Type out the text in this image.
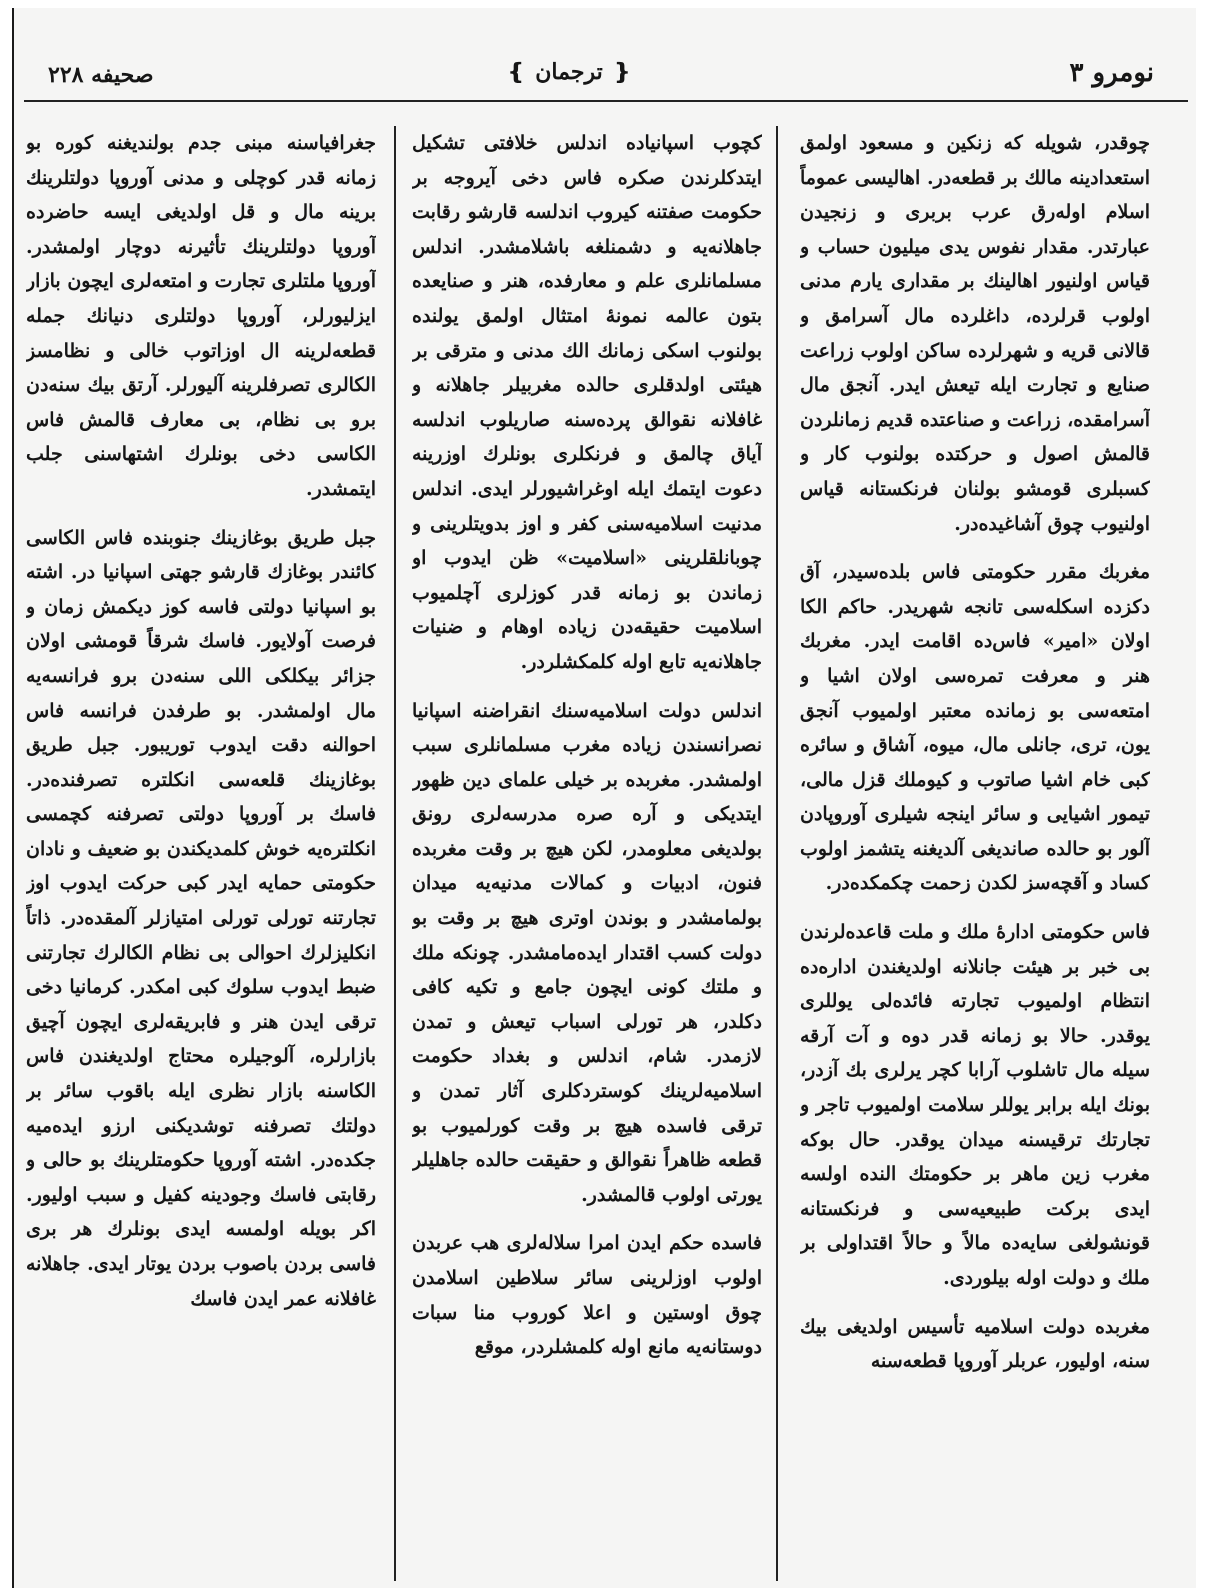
صحیفه ۲۲۸	❴ ترجمان ❵	نومرو ۳

چوقدر، شویله که زنکین و مسعود اولمق استعدادینه مالك بر قطعه‌در. اهالیسی عموماً اسلام اوله‌رق عرب بربری و زنجیدن عبارتدر. مقدار نفوس یدی میلیون حساب و قیاس اولنیور اهالینك بر مقداری یارم مدنی اولوب قرلرده، داغلرده مال آسرامق و قالانی قریه و شهرلرده ساکن اولوب زراعت صنایع و تجارت ایله تیعش ایدر. آنجق مال آسرامقده، زراعت و صناعتده قدیم زمانلردن قالمش اصول و حرکتده بولنوب کار و کسبلری قومشو بولنان فرنکستانه قیاس اولنیوب چوق آشاغیده‌در.

مغربك مقرر حکومتی فاس بلده‌سیدر، آق دکزده اسکله‌سی تانجه شهریدر. حاکم الکا اولان «امیر» فاس‌ده اقامت ایدر. مغربك هنر و معرفت تمره‌سی اولان اشیا و امتعه‌سی بو زمانده معتبر اولمیوب آنجق یون، تری، جانلی مال، میوه، آشاق و سائره کبی خام اشیا صاتوب و کیوملك قزل مالی، تیمور اشیایی و سائر اینجه شیلری آوروپادن آلور بو حالده صاندیغی آلدیغنه یتشمز اولوب کساد و آقچه‌سز لکدن زحمت چکمکده‌در.

فاس حکومتی ادارهٔ ملك و ملت قاعده‌لرندن بی خبر بر هیئت جانلانه اولدیغندن اداره‌ده انتظام اولمیوب تجارته فائده‌لی یوللری یوقدر. حالا بو زمانه قدر دوه و آت آرقه سیله مال تاشلوب آرابا کچر یرلری بك آزدر، بونك ایله برابر یوللر سلامت اولمیوب تاجر و تجارتك ترقیسنه میدان یوقدر. حال بوکه مغرب زین ماهر بر حکومتك النده اولسه ایدی برکت طبیعیه‌سی و فرنکستانه قونشولغی سایه‌ده مالاً و حالاً اقتداولی بر ملك و دولت اوله بیلوردی.

مغربده دولت اسلامیه تأسیس اولدیغی بیك سنه، اولیور، عربلر آوروپا قطعه‌سنه

کچوب اسپانیاده اندلس خلافتی تشکیل ایتدکلرندن صکره فاس دخی آیروجه بر حکومت صفتنه کیروب اندلسه قارشو رقابت جاهلانه‌یه و دشمنلغه باشلامشدر. اندلس مسلمانلری علم و معارفده، هنر و صنایعده بتون عالمه نمونهٔ امتثال اولمق یولنده بولنوب اسکی زمانك الك مدنی و مترقی بر هیئتی اولدقلری حالده مغربیلر جاهلانه و غافلانه نقوالق پرده‌سنه صاریلوب اندلسه آیاق چالمق و فرنکلری بونلرك اوزرینه دعوت ایتمك ایله اوغراشیورلر ایدی. اندلس مدنیت اسلامیه‌سنی کفر و اوز بدویتلرینی و چوبانلقلرینی «اسلامیت» ظن ایدوب او زماندن بو زمانه قدر کوزلری آچلمیوب اسلامیت حقیقه‌دن زیاده اوهام و ضنیات جاهلانه‌یه تابع اوله کلمکشلردر.

اندلس دولت اسلامیه‌سنك انقراضنه اسپانیا نصرانسندن زیاده مغرب مسلمانلری سبب اولمشدر. مغربده بر خیلی علمای دین ظهور ایتدیکی و آره صره مدرسه‌لری رونق بولدیغی معلومدر، لکن هیچ بر وقت مغربده فنون، ادبیات و کمالات مدنیه‌یه میدان بولمامشدر و بوندن اوتری هیچ بر وقت بو دولت کسب اقتدار ایده‌مامشدر. چونکه ملك و ملتك کونی ایچون جامع و تکیه کافی دکلدر، هر تورلی اسباب تیعش و تمدن لازمدر. شام، اندلس و بغداد حکومت اسلامیه‌لرینك کوستردکلری آثار تمدن و ترقی فاسده هیچ بر وقت کورلمیوب بو قطعه ظاهراً نقوالق و حقیقت حالده جاهلیلر یورتی اولوب قالمشدر.

فاسده حکم ایدن امرا سلاله‌لری هب عربدن اولوب اوزلرینی سائر سلاطین اسلامدن چوق اوستین و اعلا کوروب منا سبات دوستانه‌یه مانع اوله کلمشلردر، موقع

جغرافیاسنه مبنی جدم بولندیغنه کوره بو زمانه قدر کوچلی و مدنی آوروپا دولتلرینك برینه مال و قل اولدیغی ایسه حاضرده آوروپا دولتلرینك تأثیرنه دوچار اولمشدر. آوروپا ملتلری تجارت و امتعه‌لری ایچون بازار ایزلیورلر، آوروپا دولتلری دنیانك جمله قطعه‌لرینه ال اوزاتوب خالی و نظامسز الکالری تصرفلرینه آلیورلر. آرتق بیك سنه‌دن برو بی نظام، بی معارف قالمش فاس الکاسی دخی بونلرك اشتهاسنی جلب ایتمشدر.

جبل طریق بوغازینك جنوبنده فاس الکاسی کائندر بوغازك قارشو جهتی اسپانیا در. اشته بو اسپانیا دولتی فاسه کوز دیکمش زمان و فرصت آولایور. فاسك شرقاً قومشی اولان جزائر بیکلکی اللی سنه‌دن برو فرانسه‌یه مال اولمشدر. بو طرفدن فرانسه فاس احوالنه دقت ایدوب توریبور. جبل طریق بوغازینك قلعه‌سی انکلتره تصرفنده‌در. فاسك بر آوروپا دولتی تصرفنه کچمسی انکلتره‌یه خوش کلمدیکندن بو ضعیف و نادان حکومتی حمایه ایدر کبی حرکت ایدوب اوز تجارتنه تورلی تورلی امتیازلر آلمقده‌در. ذاتاً انکلیزلرك احوالی بی نظام الکالرك تجارتنی ضبط ایدوب سلوك کبی امکدر. کرمانیا دخی ترقی ایدن هنر و فابریقه‌لری ایچون آچیق بازارلره، آلوجیلره محتاج اولدیغندن فاس الکاسنه بازار نظری ایله باقوب سائر بر دولتك تصرفنه توشدیکنی ارزو ایده‌میه جکده‌در. اشته آوروپا حکومتلرینك بو حالی و رقابتی فاسك وجودینه کفیل و سبب اولیور. اکر بویله اولمسه ایدی بونلرك هر بری فاسی بردن باصوب بردن یوتار ایدی. جاهلانه غافلانه عمر ایدن فاسك
